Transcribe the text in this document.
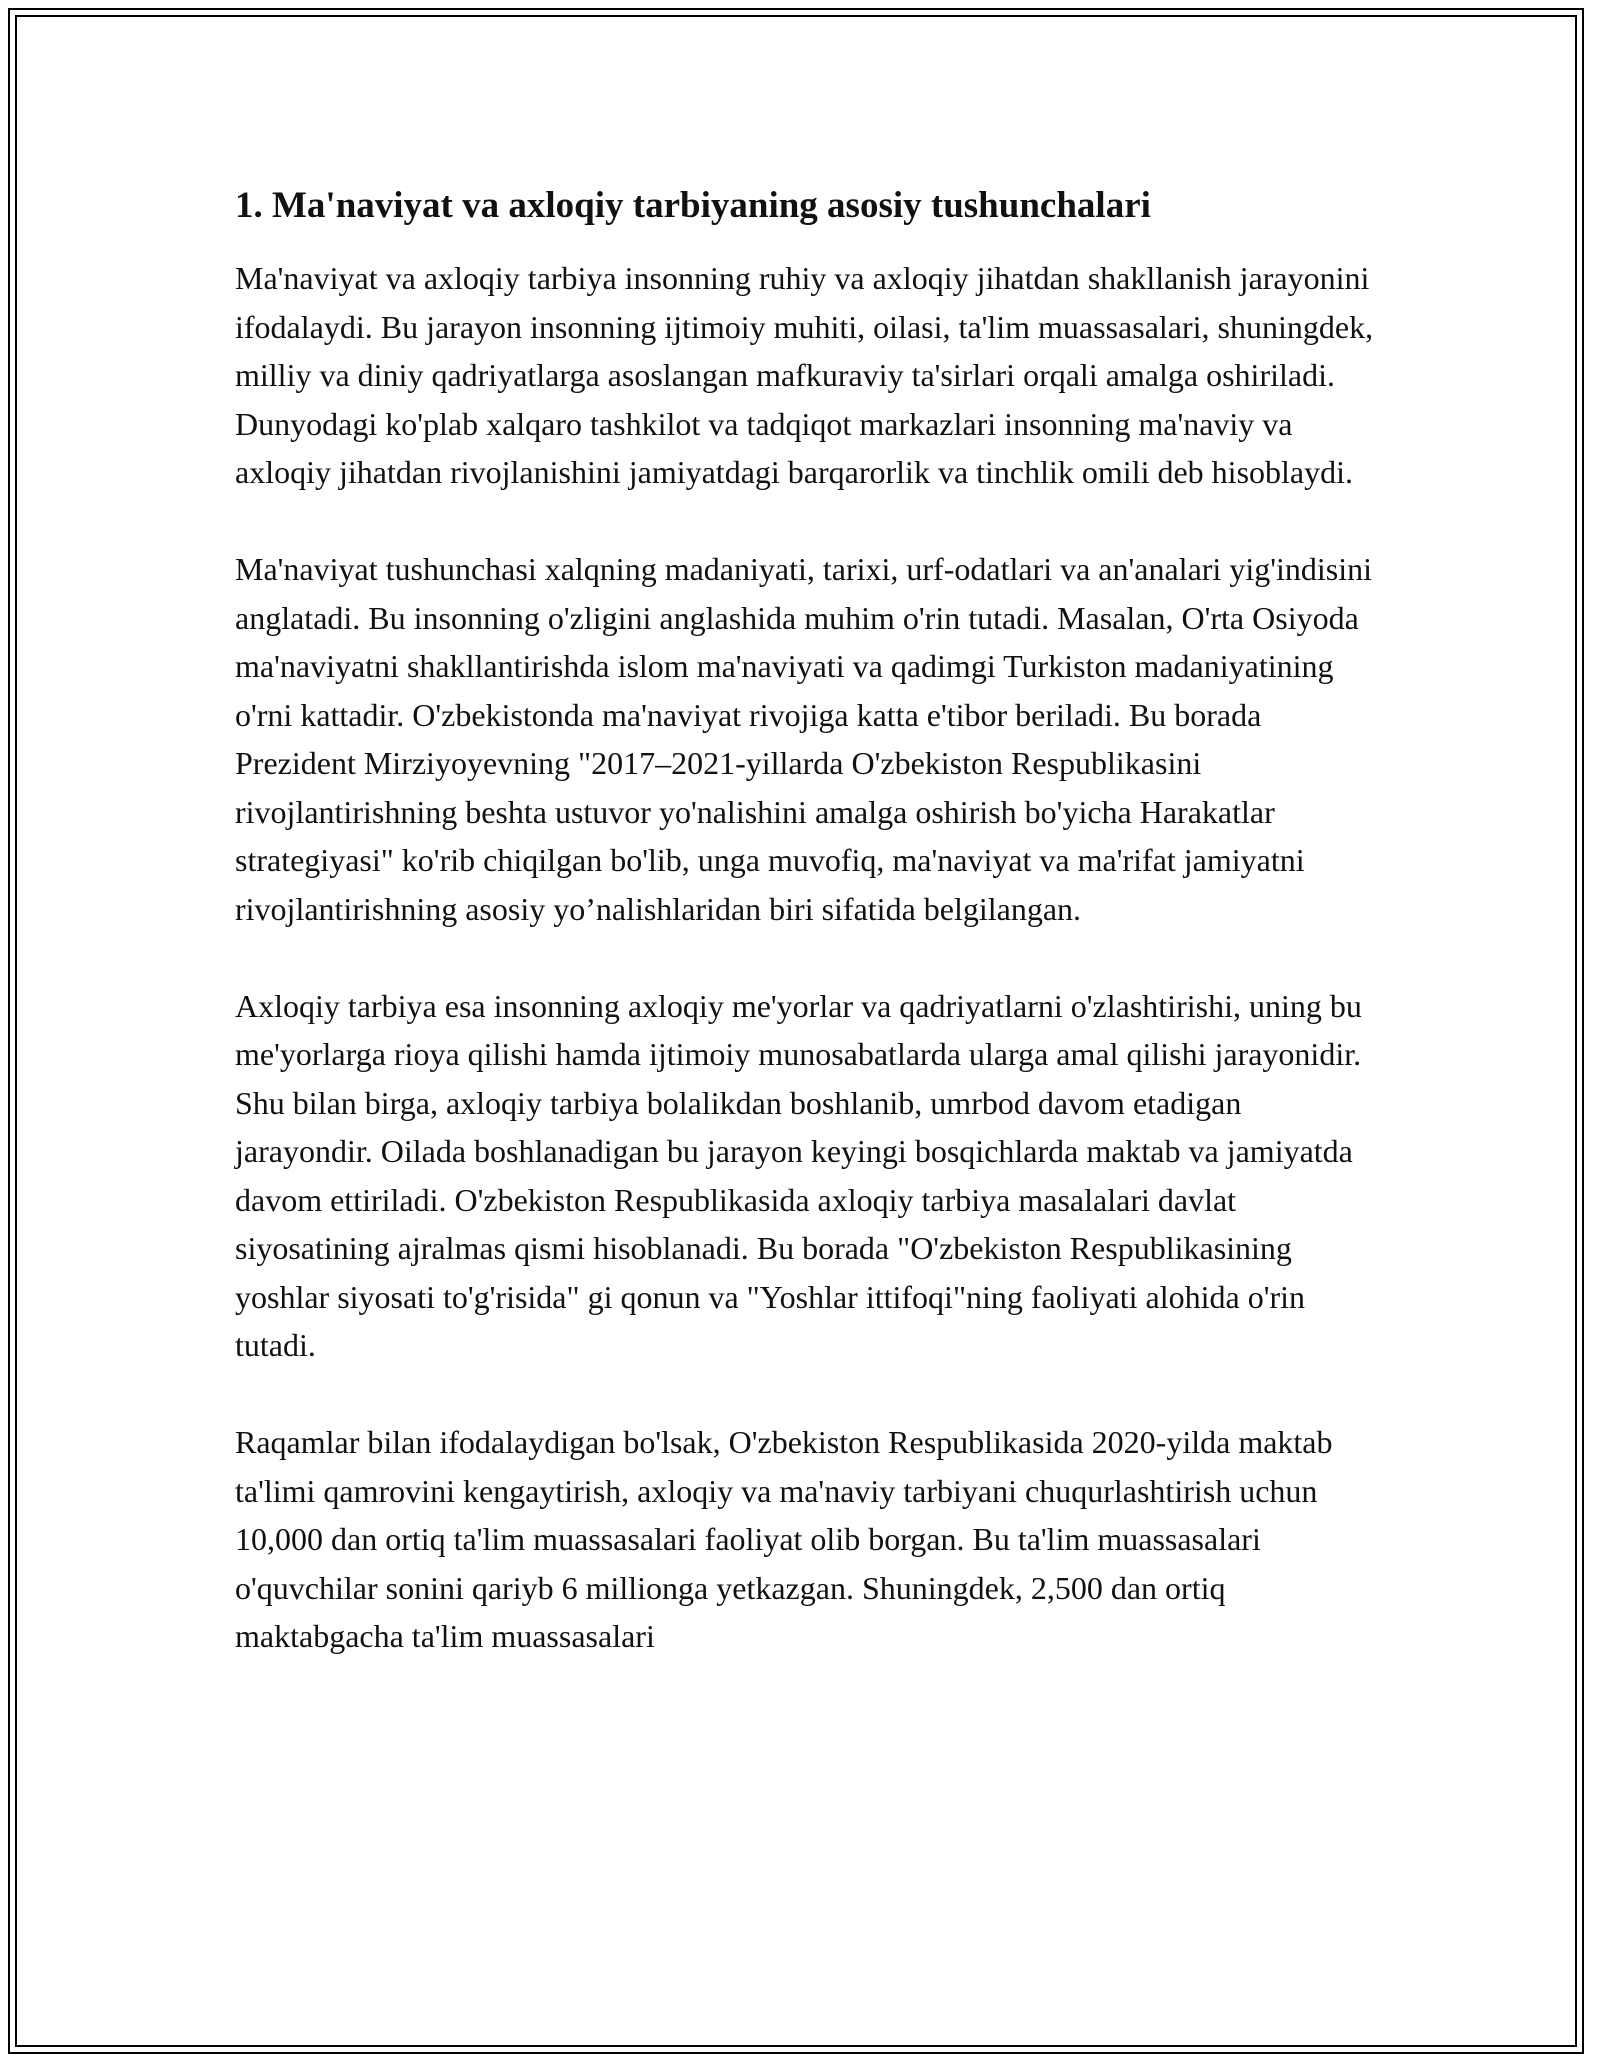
1. Ma'naviyat va axloqiy tarbiyaning asosiy tushunchalari

Ma'naviyat va axloqiy tarbiya insonning ruhiy va axloqiy jihatdan shakllanish jarayonini ifodalaydi. Bu jarayon insonning ijtimoiy muhiti, oilasi, ta'lim muassasalari, shuningdek, milliy va diniy qadriyatlarga asoslangan mafkuraviy ta'sirlari orqali amalga oshiriladi. Dunyodagi ko'plab xalqaro tashkilot va tadqiqot markazlari insonning ma'naviy va axloqiy jihatdan rivojlanishini jamiyatdagi barqarorlik va tinchlik omili deb hisoblaydi.

Ma'naviyat tushunchasi xalqning madaniyati, tarixi, urf-odatlari va an'analari yig'indisini anglatadi. Bu insonning o'zligini anglashida muhim o'rin tutadi. Masalan, O'rta Osiyoda ma'naviyatni shakllantirishda islom ma'naviyati va qadimgi Turkiston madaniyatining o'rni kattadir. O'zbekistonda ma'naviyat rivojiga katta e'tibor beriladi. Bu borada Prezident Mirziyoyevning "2017–2021-yillarda O'zbekiston Respublikasini rivojlantirishning beshta ustuvor yo'nalishini amalga oshirish bo'yicha Harakatlar strategiyasi" ko'rib chiqilgan bo'lib, unga muvofiq, ma'naviyat va ma'rifat jamiyatni rivojlantirishning asosiy yo’nalishlaridan biri sifatida belgilangan.

Axloqiy tarbiya esa insonning axloqiy me'yorlar va qadriyatlarni o'zlashtirishi, uning bu me'yorlarga rioya qilishi hamda ijtimoiy munosabatlarda ularga amal qilishi jarayonidir. Shu bilan birga, axloqiy tarbiya bolalikdan boshlanib, umrbod davom etadigan jarayondir. Oilada boshlanadigan bu jarayon keyingi bosqichlarda maktab va jamiyatda davom ettiriladi. O'zbekiston Respublikasida axloqiy tarbiya masalalari davlat siyosatining ajralmas qismi hisoblanadi. Bu borada "O'zbekiston Respublikasining yoshlar siyosati to'g'risida" gi qonun va "Yoshlar ittifoqi"ning faoliyati alohida o'rin tutadi.

Raqamlar bilan ifodalaydigan bo'lsak, O'zbekiston Respublikasida 2020-yilda maktab ta'limi qamrovini kengaytirish, axloqiy va ma'naviy tarbiyani chuqurlashtirish uchun 10,000 dan ortiq ta'lim muassasalari faoliyat olib borgan. Bu ta'lim muassasalari o'quvchilar sonini qariyb 6 millionga yetkazgan. Shuningdek, 2,500 dan ortiq maktabgacha ta'lim muassasalari
